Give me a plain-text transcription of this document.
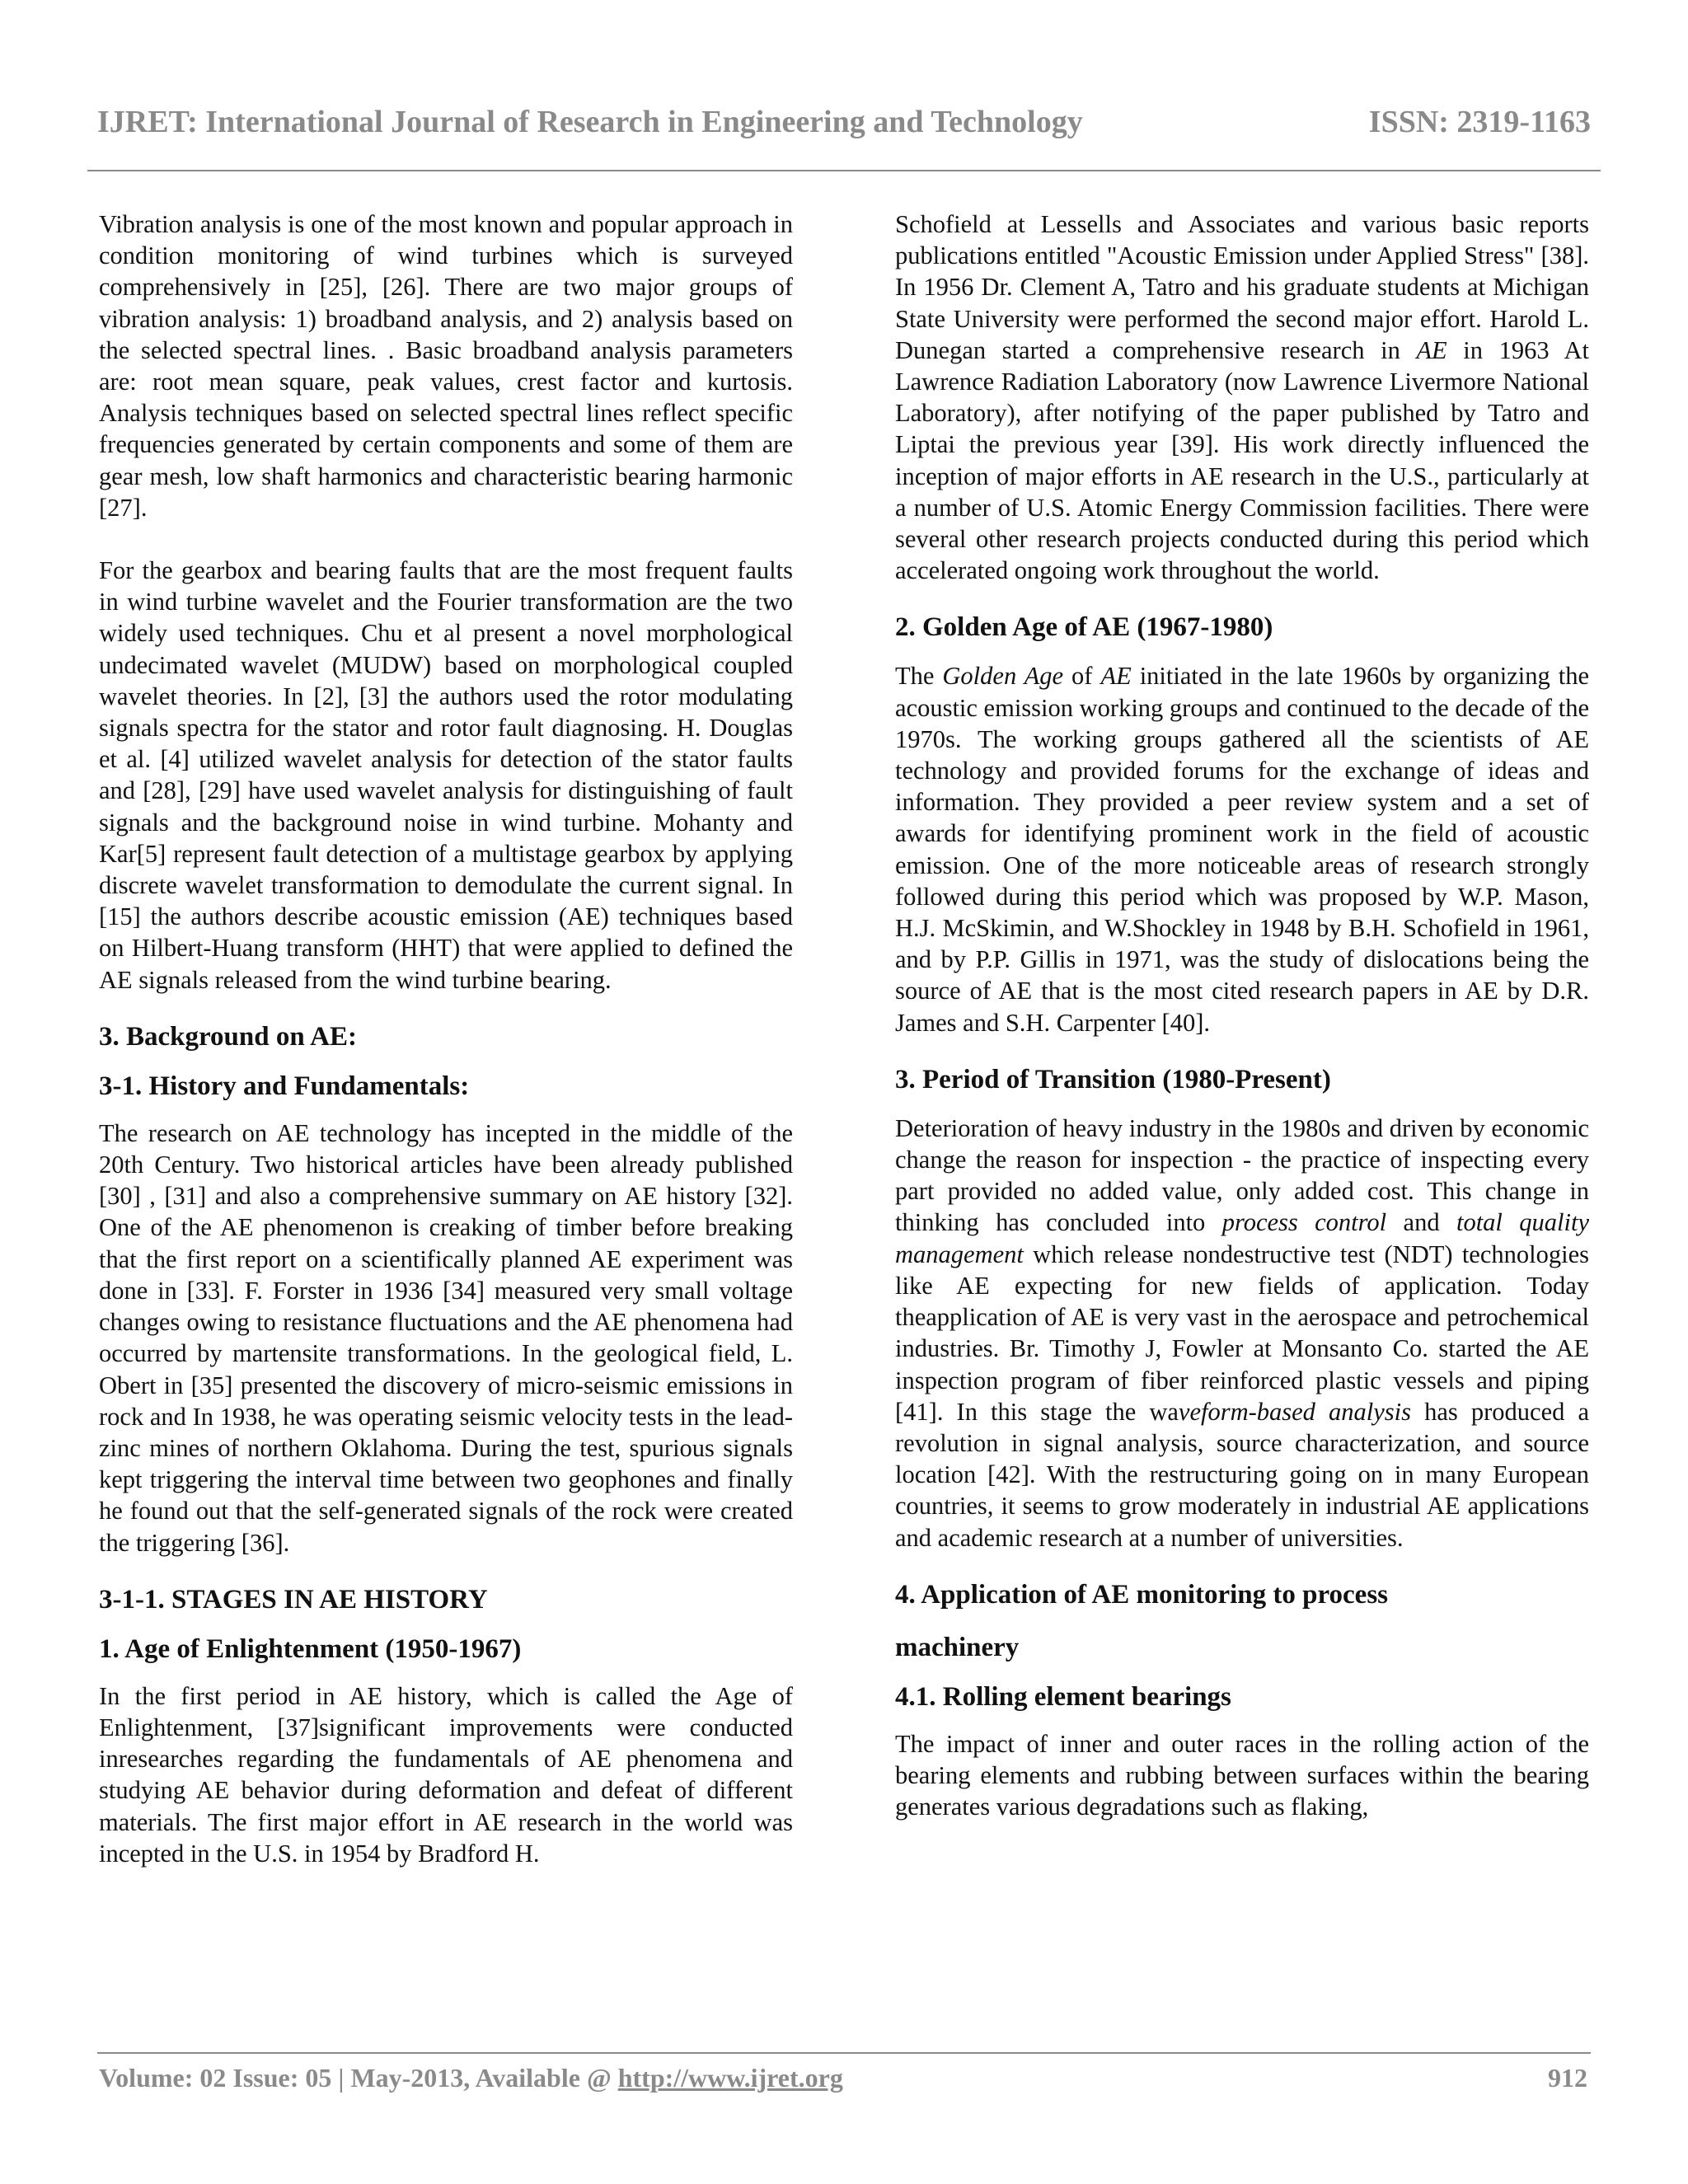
IJRET: International Journal of Research in Engineering and Technology	ISSN: 2319-1163

Vibration analysis is one of the most known and popular approach in condition monitoring of wind turbines which is surveyed comprehensively in [25], [26]. There are two major groups of vibration analysis: 1) broadband analysis, and 2) analysis based on the selected spectral lines. . Basic broadband analysis parameters are: root mean square, peak values, crest factor and kurtosis. Analysis techniques based on selected spectral lines reflect specific frequencies generated by certain components and some of them are gear mesh, low shaft harmonics and characteristic bearing harmonic [27].

For the gearbox and bearing faults that are the most frequent faults in wind turbine wavelet and the Fourier transformation are the two widely used techniques. Chu et al present a novel morphological undecimated wavelet (MUDW) based on morphological coupled wavelet theories. In [2], [3] the authors used the rotor modulating signals spectra for the stator and rotor fault diagnosing. H. Douglas et al. [4] utilized wavelet analysis for detection of the stator faults and [28], [29] have used wavelet analysis for distinguishing of fault signals and the background noise in wind turbine. Mohanty and Kar[5] represent fault detection of a multistage gearbox by applying discrete wavelet transformation to demodulate the current signal. In [15] the authors describe acoustic emission (AE) techniques based on Hilbert-Huang transform (HHT) that were applied to defined the AE signals released from the wind turbine bearing.

3. Background on AE:
3-1. History and Fundamentals:

The research on AE technology has incepted in the middle of the 20th Century. Two historical articles have been already published [30] , [31] and also a comprehensive summary on AE history [32]. One of the AE phenomenon is creaking of timber before breaking that the first report on a scientifically planned AE experiment was done in [33]. F. Forster in 1936 [34] measured very small voltage changes owing to resistance fluctuations and the AE phenomena had occurred by martensite transformations. In the geological field, L. Obert in [35] presented the discovery of micro-seismic emissions in rock and In 1938, he was operating seismic velocity tests in the lead-zinc mines of northern Oklahoma. During the test, spurious signals kept triggering the interval time between two geophones and finally he found out that the self-generated signals of the rock were created the triggering [36].

3-1-1. STAGES IN AE HISTORY
1. Age of Enlightenment (1950-1967)

In the first period in AE history, which is called the Age of Enlightenment, [37]significant improvements were conducted inresearches regarding the fundamentals of AE phenomena and studying AE behavior during deformation and defeat of different materials. The first major effort in AE research in the world was incepted in the U.S. in 1954 by Bradford H.

Schofield at Lessells and Associates and various basic reports publications entitled "Acoustic Emission under Applied Stress" [38]. In 1956 Dr. Clement A, Tatro and his graduate students at Michigan State University were performed the second major effort. Harold L. Dunegan started a comprehensive research in AE in 1963 At Lawrence Radiation Laboratory (now Lawrence Livermore National Laboratory), after notifying of the paper published by Tatro and Liptai the previous year [39]. His work directly influenced the inception of major efforts in AE research in the U.S., particularly at a number of U.S. Atomic Energy Commission facilities. There were several other research projects conducted during this period which accelerated ongoing work throughout the world.

2. Golden Age of AE (1967-1980)

The Golden Age of AE initiated in the late 1960s by organizing the acoustic emission working groups and continued to the decade of the 1970s. The working groups gathered all the scientists of AE technology and provided forums for the exchange of ideas and information. They provided a peer review system and a set of awards for identifying prominent work in the field of acoustic emission. One of the more noticeable areas of research strongly followed during this period which was proposed by W.P. Mason, H.J. McSkimin, and W.Shockley in 1948 by B.H. Schofield in 1961, and by P.P. Gillis in 1971, was the study of dislocations being the source of AE that is the most cited research papers in AE by D.R. James and S.H. Carpenter [40].

3. Period of Transition (1980-Present)

Deterioration of heavy industry in the 1980s and driven by economic change the reason for inspection - the practice of inspecting every part provided no added value, only added cost. This change in thinking has concluded into process control and total quality management which release nondestructive test (NDT) technologies like AE expecting for new fields of application. Today theapplication of AE is very vast in the aerospace and petrochemical industries. Br. Timothy J, Fowler at Monsanto Co. started the AE inspection program of fiber reinforced plastic vessels and piping [41]. In this stage the waveform-based analysis has produced a revolution in signal analysis, source characterization, and source location [42]. With the restructuring going on in many European countries, it seems to grow moderately in industrial AE applications and academic research at a number of universities.

4. Application of AE monitoring to process
machinery
4.1. Rolling element bearings

The impact of inner and outer races in the rolling action of the bearing elements and rubbing between surfaces within the bearing generates various degradations such as flaking,

Volume: 02 Issue: 05 | May-2013, Available @ http://www.ijret.org	912
